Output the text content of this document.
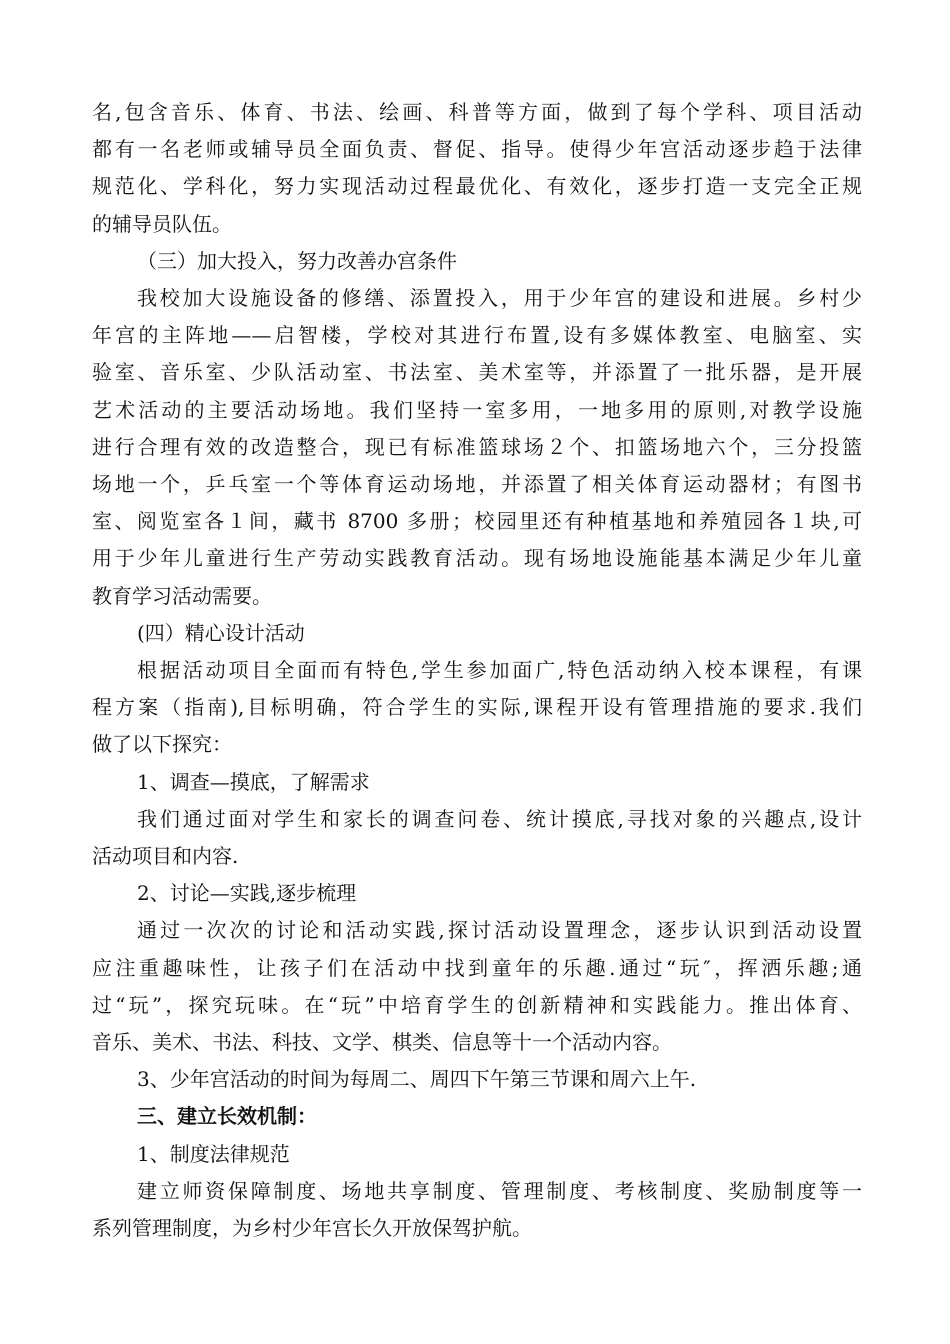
名,包含音乐、体育、书法、绘画、科普等方面，做到了每个学科、项目活动
都有一名老师或辅导员全面负责、督促、指导。使得少年宫活动逐步趋于法律
规范化、学科化，努力实现活动过程最优化、有效化，逐步打造一支完全正规
的辅导员队伍。
（三）加大投入，努力改善办宫条件
我校加大设施设备的修缮、添置投入，用于少年宫的建设和进展。乡村少
年宫的主阵地——启智楼，学校对其进行布置,设有多媒体教室、电脑室、实
验室、音乐室、少队活动室、书法室、美术室等，并添置了一批乐器，是开展
艺术活动的主要活动场地。我们坚持一室多用，一地多用的原则,对教学设施
进行合理有效的改造整合，现已有标准篮球场２个、扣篮场地六个，三分投篮
场地一个，乒乓室一个等体育运动场地，并添置了相关体育运动器材；有图书
室、阅览室各１间，藏书 8700 多册；校园里还有种植基地和养殖园各１块,可
用于少年儿童进行生产劳动实践教育活动。现有场地设施能基本满足少年儿童
教育学习活动需要。
(四）精心设计活动
根据活动项目全面而有特色,学生参加面广,特色活动纳入校本课程，有课
程方案（指南),目标明确，符合学生的实际,课程开设有管理措施的要求.我们
做了以下探究：
1、调查—摸底，了解需求
我们通过面对学生和家长的调查问卷、统计摸底,寻找对象的兴趣点,设计
活动项目和内容.
2、讨论—实践,逐步梳理
通过一次次的讨论和活动实践,探讨活动设置理念，逐步认识到活动设置
应注重趣味性，让孩子们在活动中找到童年的乐趣.通过“玩″，挥洒乐趣;通
过“玩”，探究玩味。在“玩”中培育学生的创新精神和实践能力。推出体育、
音乐、美术、书法、科技、文学、棋类、信息等十一个活动内容。
3、少年宫活动的时间为每周二、周四下午第三节课和周六上午.
三、建立长效机制：
1、制度法律规范
建立师资保障制度、场地共享制度、管理制度、考核制度、奖励制度等一
系列管理制度，为乡村少年宫长久开放保驾护航。
